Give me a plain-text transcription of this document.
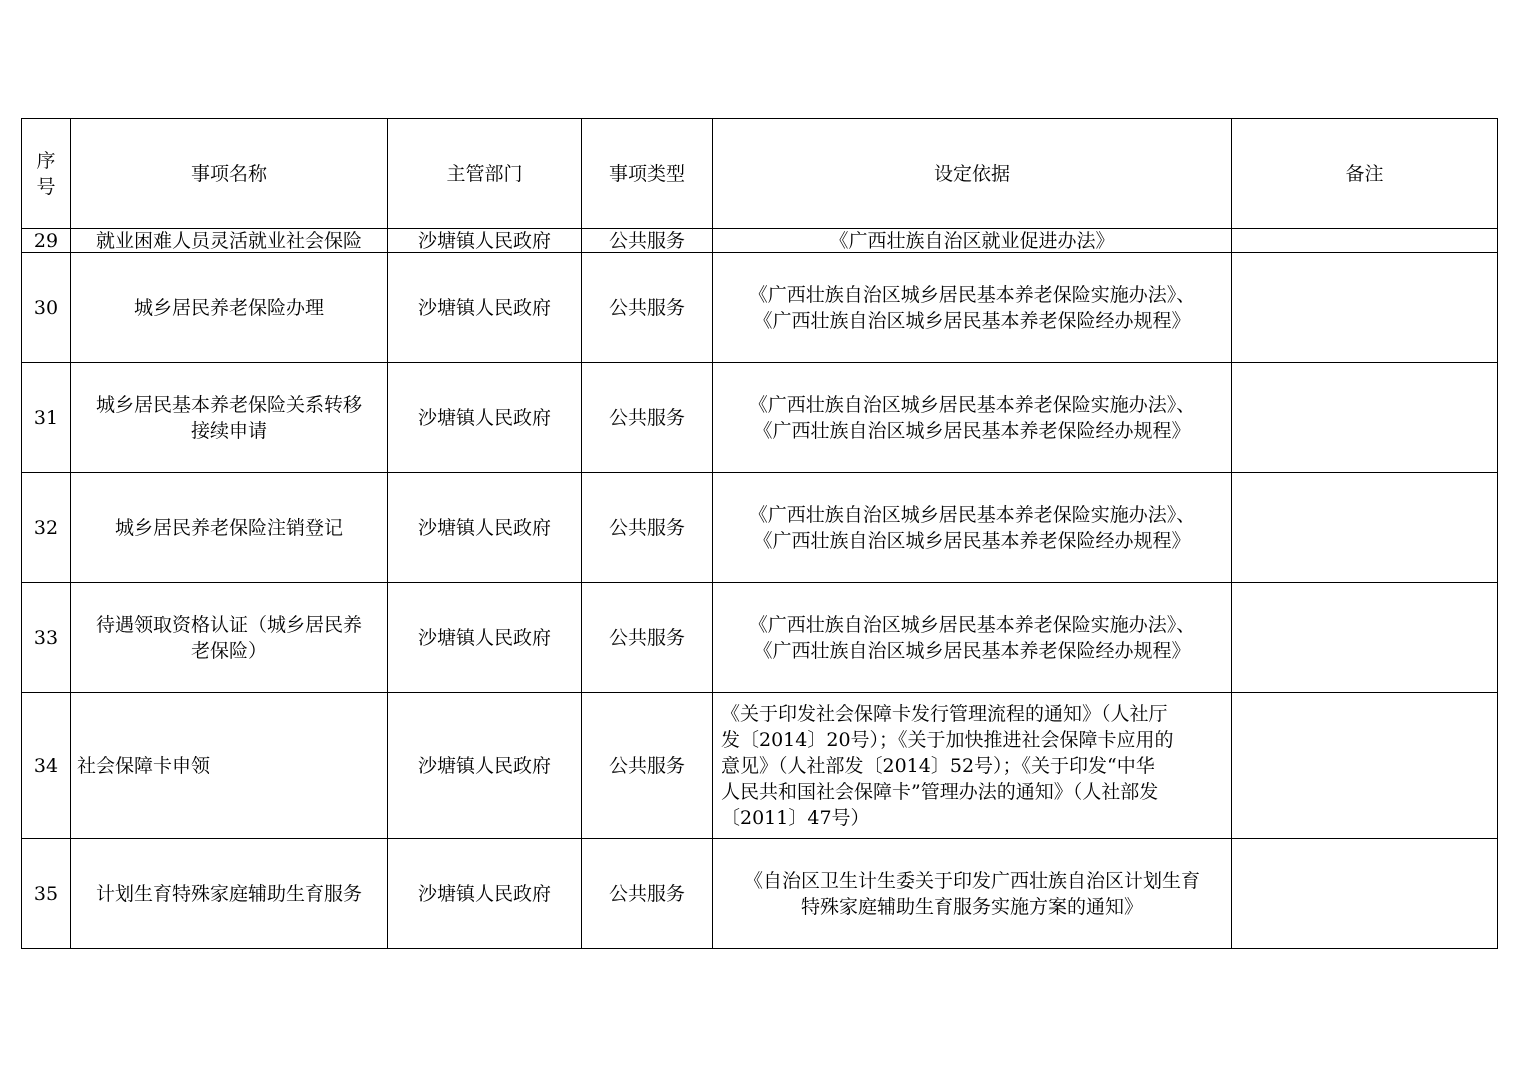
序号	事项名称	主管部门	事项类型	设定依据	备注
29	就业困难人员灵活就业社会保险	沙塘镇人民政府	公共服务	《广西壮族自治区就业促进办法》	

30	城乡居民养老保险办理	沙塘镇人民政府	公共服务	《广西壮族自治区城乡居民基本养老保险实施办法》、
《广西壮族自治区城乡居民基本养老保险经办规程》	

31	城乡居民基本养老保险关系转移
接续申请	沙塘镇人民政府	公共服务	《广西壮族自治区城乡居民基本养老保险实施办法》、
《广西壮族自治区城乡居民基本养老保险经办规程》	

32	城乡居民养老保险注销登记	沙塘镇人民政府	公共服务	《广西壮族自治区城乡居民基本养老保险实施办法》、
《广西壮族自治区城乡居民基本养老保险经办规程》	

33	待遇领取资格认证（城乡居民养
老保险）	沙塘镇人民政府	公共服务	《广西壮族自治区城乡居民基本养老保险实施办法》、
《广西壮族自治区城乡居民基本养老保险经办规程》	

34	社会保障卡申领	沙塘镇人民政府	公共服务	《关于印发社会保障卡发行管理流程的通知》（人社厅
发〔2014〕20号）；《关于加快推进社会保障卡应用的
意见》（人社部发〔2014〕52号）；《关于印发“中华
人民共和国社会保障卡”管理办法的通知》（人社部发
〔2011〕47号）	

35	计划生育特殊家庭辅助生育服务	沙塘镇人民政府	公共服务	《自治区卫生计生委关于印发广西壮族自治区计划生育
特殊家庭辅助生育服务实施方案的通知》	
